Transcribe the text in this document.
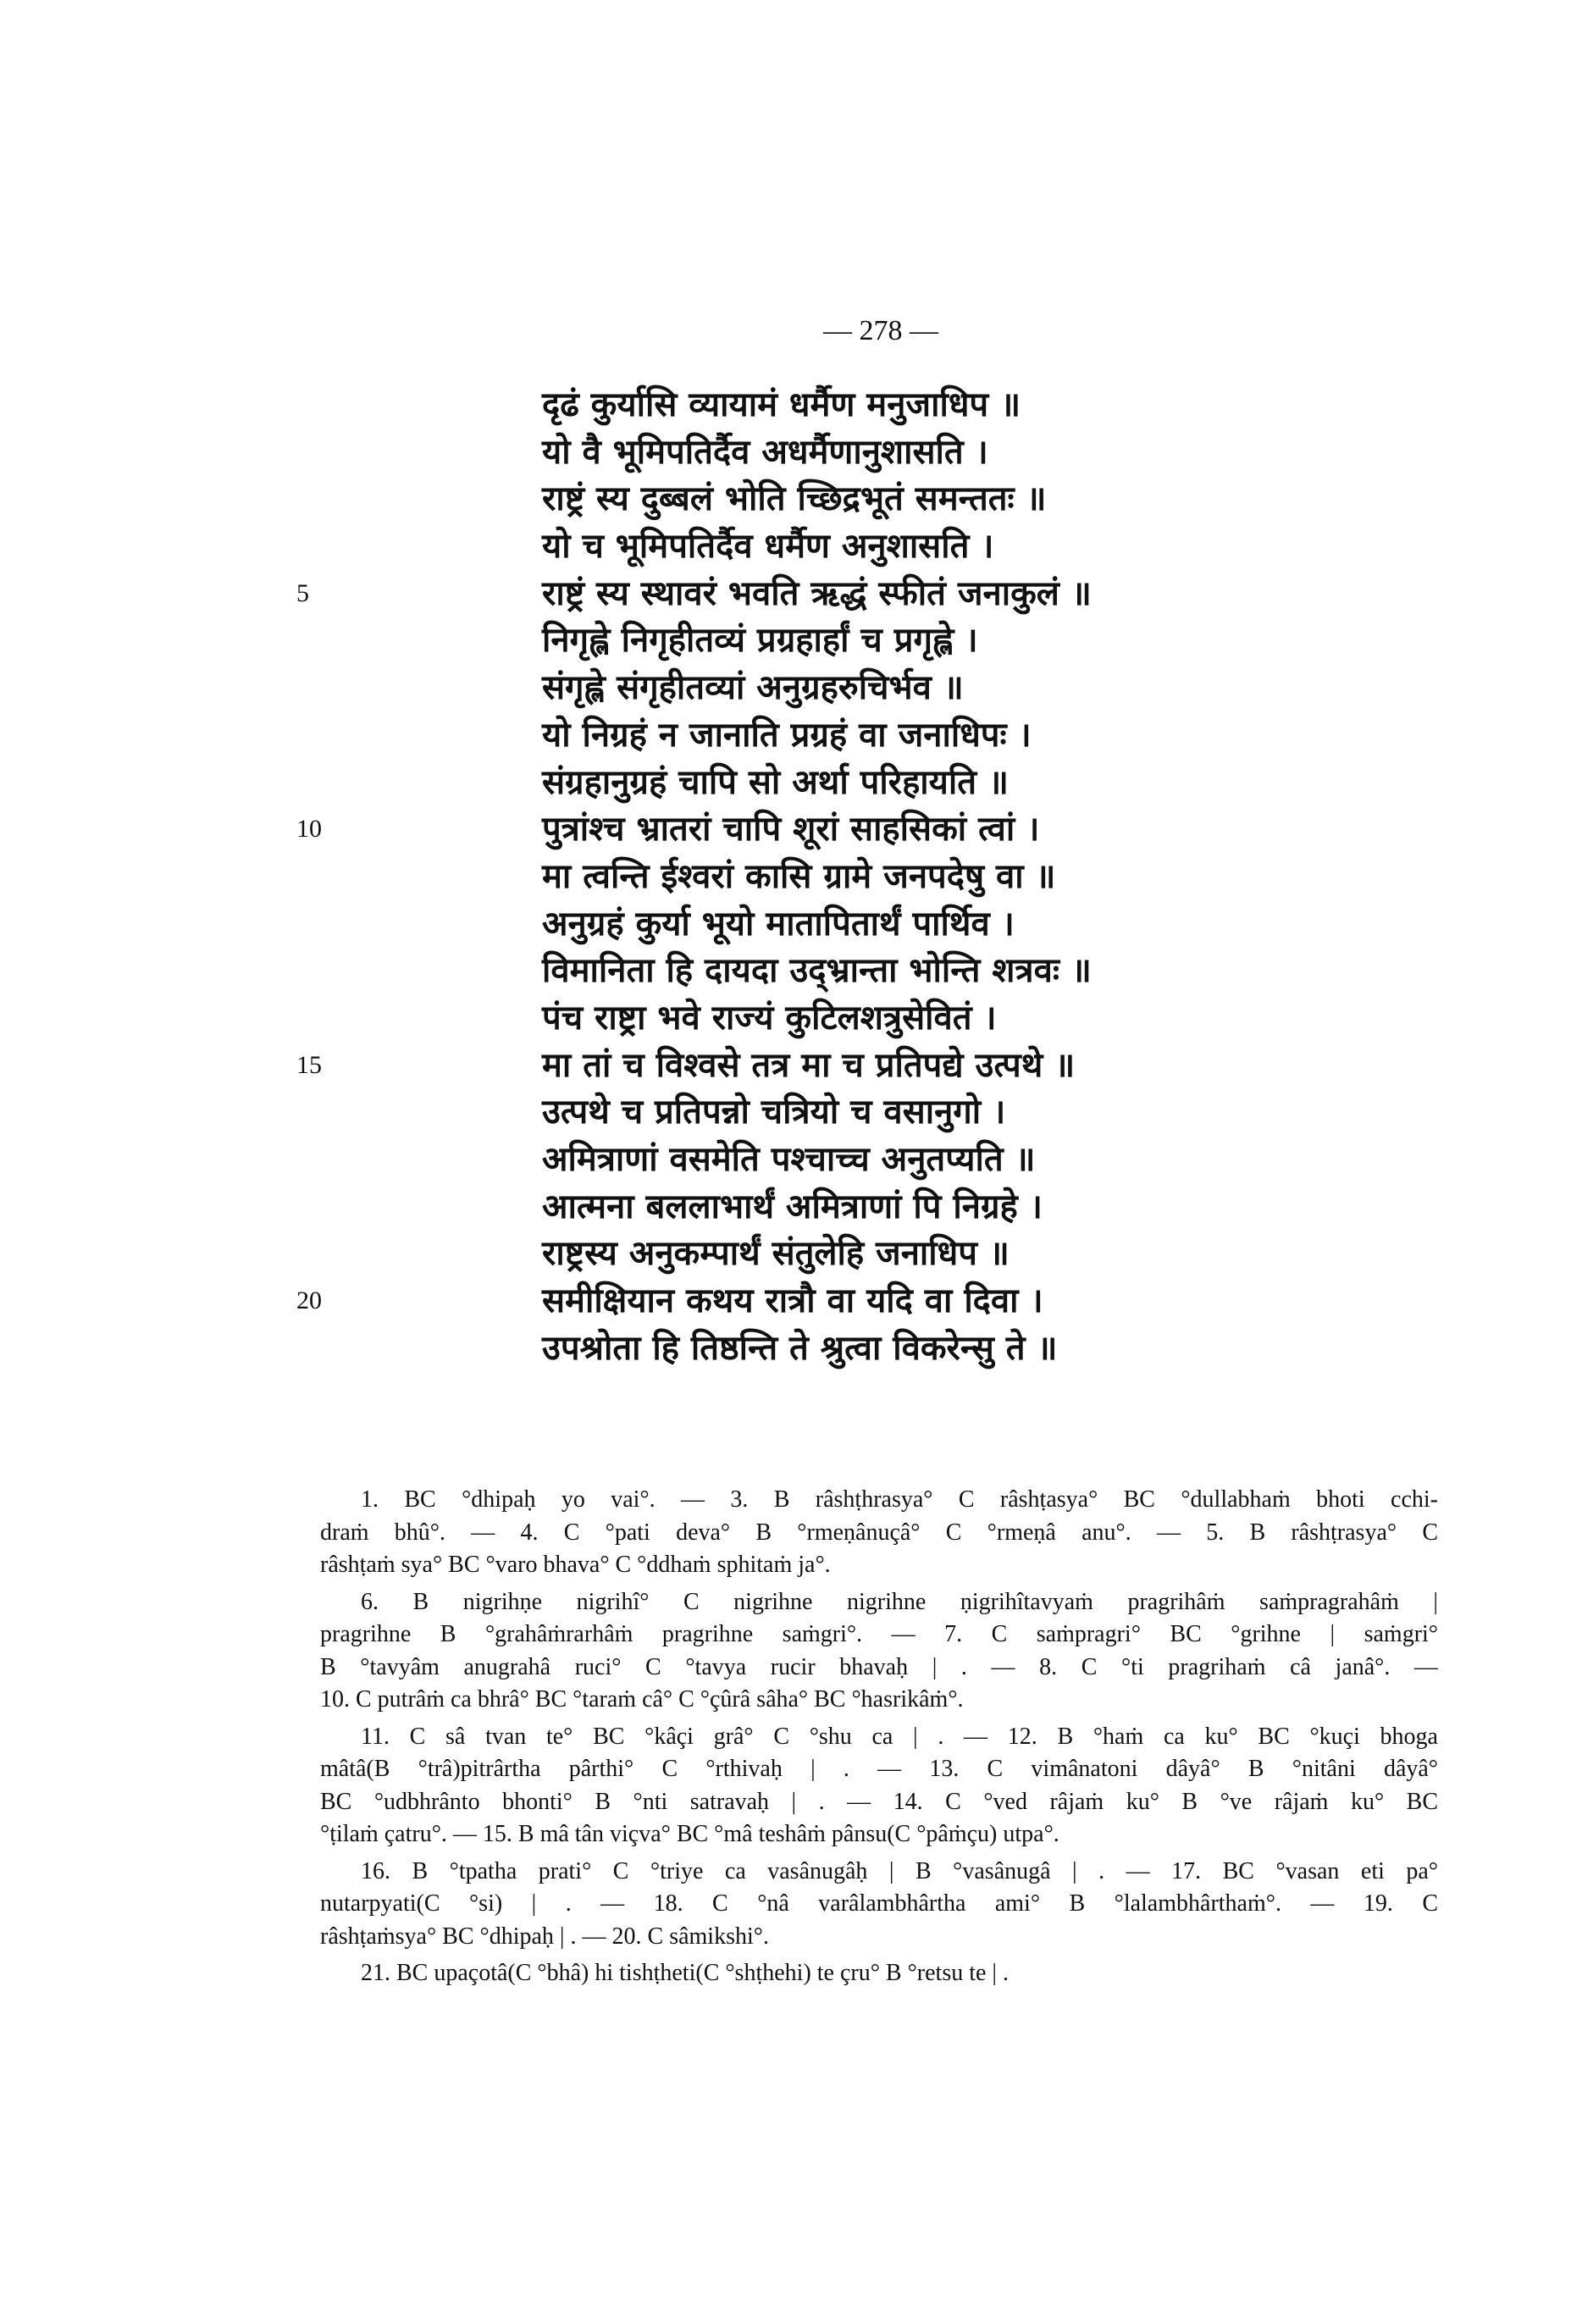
— 278 —
दृढं कुर्यासि व्यायामं धर्मैण मनुजाधिप ॥
यो वै भूमिपतिर्दैव अधर्मैणानुशासति ।
राष्ट्रं स्य दुब्बलं भोति च्छिद्रभूतं समन्ततः ॥
यो च भूमिपतिर्दैव धर्मैण अनुशासति ।
5	राष्ट्रं स्य स्थावरं भवति ऋद्धं स्फीतं जनाकुलं ॥
निगृह्ले निगृहीतव्यं प्रग्रहार्हां च प्रगृह्ले ।
संगृह्ले संगृहीतव्यां अनुग्रहरुचिर्भव ॥
यो निग्रहं न जानाति प्रग्रहं वा जनाधिपः ।
संग्रहानुग्रहं चापि सो अर्था परिहायति ॥
10	पुत्रांश्च भ्रातरां चापि शूरां साहसिकां त्वां ।
मा त्वन्ति ईश्वरां कासि ग्रामे जनपदेषु वा ॥
अनुग्रहं कुर्या भूयो मातापितार्थं पार्थिव ।
विमानिता हि दायदा उद्भ्रान्ता भोन्ति शत्रवः ॥
पंच राष्ट्रा भवे राज्यं कुटिलशत्रुसेवितं ।
15	मा तां च विश्वसे तत्र मा च प्रतिपद्ये उत्पथे ॥
उत्पथे च प्रतिपन्नो चत्रियो च वसानुगो ।
अमित्राणां वसमेति पश्चाच्च अनुतप्यति ॥
आत्मना बललाभार्थं अमित्राणां पि निग्रहे ।
राष्ट्रस्य अनुकम्पार्थं संतुलेहि जनाधिप ॥
20	समीक्षियान कथय रात्रौ वा यदि वा दिवा ।
उपश्रोता हि तिष्ठन्ति ते श्रुत्वा विकरेन्सु ते ॥
1. BC °dhipaḥ yo vai°. — 3. B râshṭhrasya° C râshṭasya° BC °dullabhaṁ bhoti cchi-
draṁ bhû°. — 4. C °pati deva° B °rmeṇânuçâ° C °rmeṇâ anu°. — 5. B râshṭrasya° C
râshṭaṁ sya° BC °varo bhava° C °ddhaṁ sphitaṁ ja°.
6. B nigrihṇe nigrihî° C nigrihne nigrihne ṇigrihîtavyaṁ pragrihâṁ saṁpragrahâṁ |
pragrihne B °grahâṁrarhâṁ pragrihne saṁgri°. — 7. C saṁpragri° BC °grihne | saṁgri°
B °tavyâm anugrahâ ruci° C °tavya rucir bhavaḥ | . — 8. C °ti pragrihaṁ câ janâ°. —
10. C putrâṁ ca bhrâ° BC °taraṁ câ° C °çûrâ sâha° BC °hasrikâṁ°.
11. C sâ tvan te° BC °kâçi grâ° C °shu ca | . — 12. B °haṁ ca ku° BC °kuçi bhoga
mâtâ(B °trâ)pitrârtha pârthi° C °rthivaḥ | . — 13. C vimânatoni dâyâ° B °nitâni dâyâ°
BC °udbhrânto bhonti° B °nti satravaḥ | . — 14. C °ved râjaṁ ku° B °ve râjaṁ ku° BC
°ṭilaṁ çatru°. — 15. B mâ tân viçva° BC °mâ teshâṁ pânsu(C °pâṁçu) utpa°.
16. B °tpatha prati° C °triye ca vasânugâḥ | B °vasânugâ | . — 17. BC °vasan eti pa°
nutarpyati(C °si) | . — 18. C °nâ varâlambhârtha ami° B °lalambhârthaṁ°. — 19. C
râshṭaṁsya° BC °dhipaḥ | . — 20. C sâmikshi°.
21. BC upaçotâ(C °bhâ) hi tishṭheti(C °shṭhehi) te çru° B °retsu te | .
